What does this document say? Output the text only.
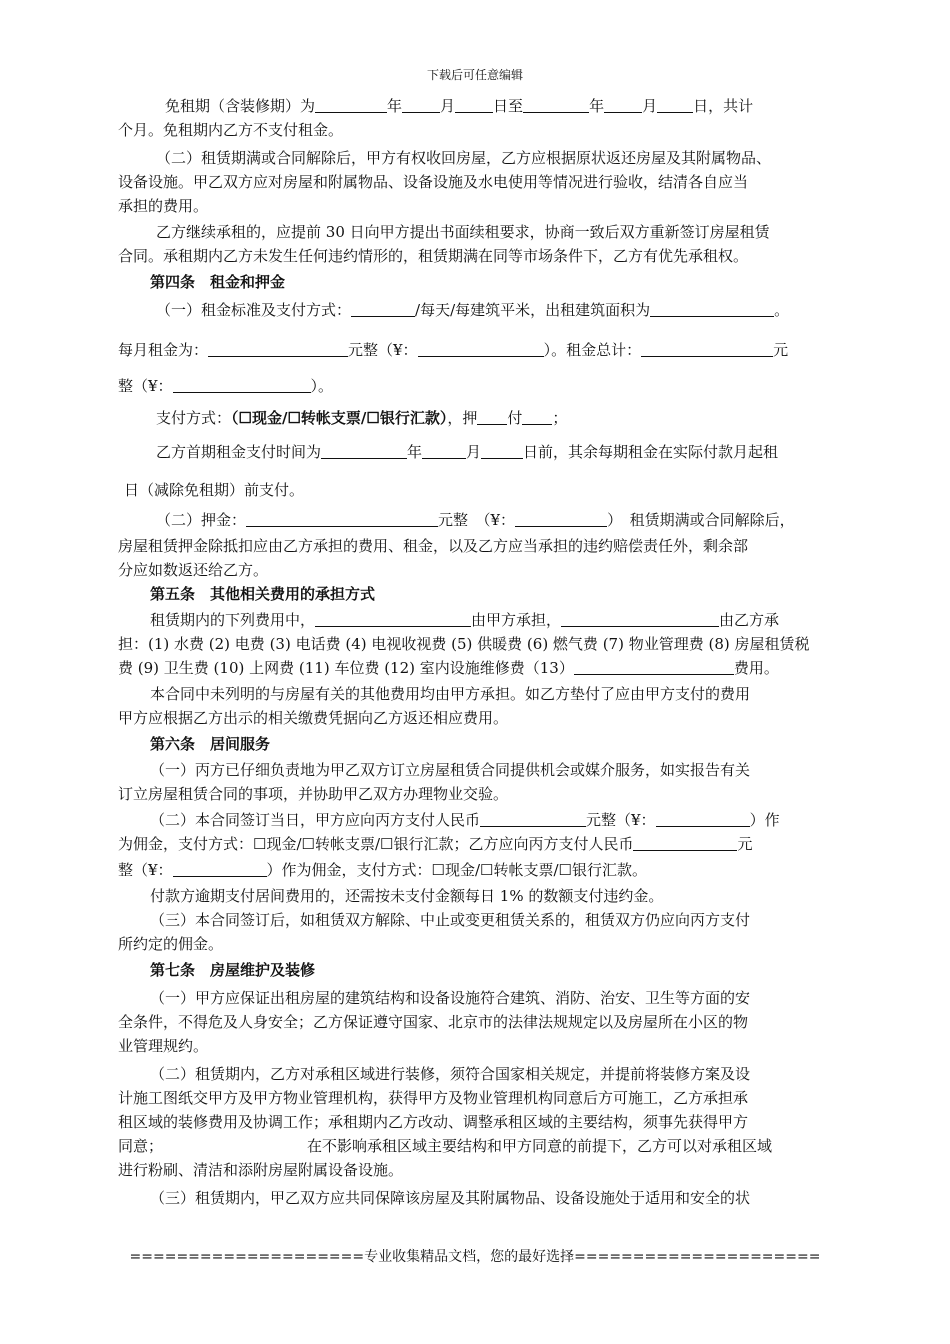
下载后可任意编辑
免租期（含装修期）为	年	月	日至	年	月 日，共计
个月。免租期内乙方不支付租金。
（二）租赁期满或合同解除后，甲方有权收回房屋，乙方应根据原状返还房屋及其附属物品、
设备设施。甲乙双方应对房屋和附属物品、设备设施及水电使用等情况进行验收，结清各自应当
承担的费用。
乙方继续承租的，应提前 30 日向甲方提出书面续租要求，协商一致后双方重新签订房屋租赁
合同。承租期内乙方未发生任何违约情形的，租赁期满在同等市场条件下，乙方有优先承租权。
第四条　租金和押金
（一）租金标准及支付方式：	/每天/每建筑平米，出租建筑面积为	。
每月租金为：	元整（¥：	）。租金总计：	元
整（¥：	）。
支付方式：（☐现金/☐转帐支票/☐银行汇款），押 付 ；
乙方首期租金支付时间为	年	月	日前，其余每期租金在实际付款月起租
日（减除免租期）前支付。
（二）押金：	元整　（¥：	）　租赁期满或合同解除后，
房屋租赁押金除抵扣应由乙方承担的费用、租金，以及乙方应当承担的违约赔偿责任外，剩余部
分应如数返还给乙方。
第五条　其他相关费用的承担方式
租赁期内的下列费用中，	由甲方承担，	由乙方承
担：(1) 水费 (2) 电费 (3) 电话费 (4) 电视收视费 (5) 供暖费 (6) 燃气费 (7) 物业管理费 (8) 房屋租赁税
费 (9) 卫生费 (10) 上网费 (11) 车位费 (12) 室内设施维修费（13）	费用。
本合同中未列明的与房屋有关的其他费用均由甲方承担。如乙方垫付了应由甲方支付的费用
甲方应根据乙方出示的相关缴费凭据向乙方返还相应费用。
第六条　居间服务
（一）丙方已仔细负责地为甲乙双方订立房屋租赁合同提供机会或媒介服务，如实报告有关
订立房屋租赁合同的事项，并协助甲乙双方办理物业交验。
（二）本合同签订当日，甲方应向丙方支付人民币	元整（¥：	）作
为佣金，支付方式：☐现金/☐转帐支票/☐银行汇款；乙方应向丙方支付人民币	元
整（¥：	）作为佣金，支付方式：☐现金/☐转帐支票/☐银行汇款。
付款方逾期支付居间费用的，还需按未支付金额每日 1% 的数额支付违约金。
（三）本合同签订后，如租赁双方解除、中止或变更租赁关系的，租赁双方仍应向丙方支付
所约定的佣金。
第七条　房屋维护及装修
（一）甲方应保证出租房屋的建筑结构和设备设施符合建筑、消防、治安、卫生等方面的安
全条件，不得危及人身安全；乙方保证遵守国家、北京市的法律法规规定以及房屋所在小区的物
业管理规约。
（二）租赁期内，乙方对承租区域进行装修，须符合国家相关规定，并提前将装修方案及设
计施工图纸交甲方及甲方物业管理机构，获得甲方及物业管理机构同意后方可施工，乙方承担承
租区域的装修费用及协调工作；承租期内乙方改动、调整承租区域的主要结构，须事先获得甲方
同意；	在不影响承租区域主要结构和甲方同意的前提下，乙方可以对承租区域
进行粉刷、清洁和添附房屋附属设备设施。
（三）租赁期内，甲乙双方应共同保障该房屋及其附属物品、设备设施处于适用和安全的状
====================专业收集精品文档，您的最好选择=====================
